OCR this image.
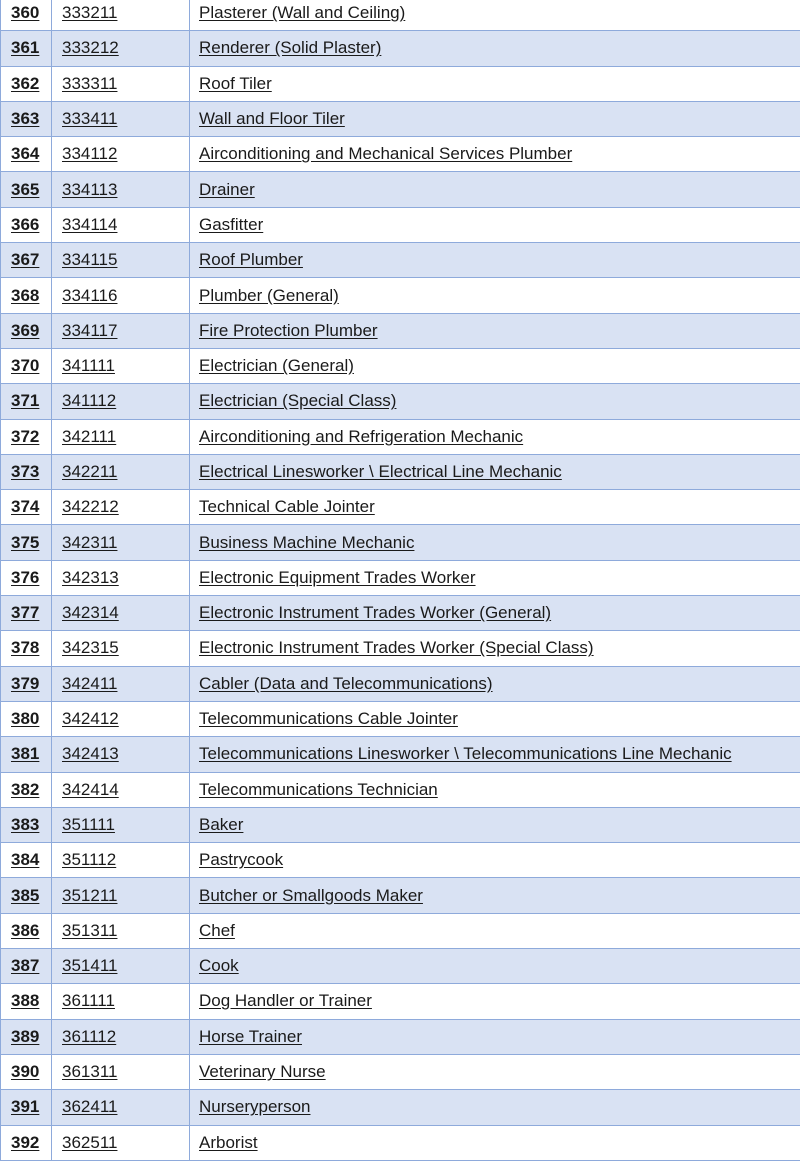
360	333211	Plasterer (Wall and Ceiling)
361	333212	Renderer (Solid Plaster)
362	333311	Roof Tiler
363	333411	Wall and Floor Tiler
364	334112	Airconditioning and Mechanical Services Plumber
365	334113	Drainer
366	334114	Gasfitter
367	334115	Roof Plumber
368	334116	Plumber (General)
369	334117	Fire Protection Plumber
370	341111	Electrician (General)
371	341112	Electrician (Special Class)
372	342111	Airconditioning and Refrigeration Mechanic
373	342211	Electrical Linesworker \ Electrical Line Mechanic
374	342212	Technical Cable Jointer
375	342311	Business Machine Mechanic
376	342313	Electronic Equipment Trades Worker
377	342314	Electronic Instrument Trades Worker (General)
378	342315	Electronic Instrument Trades Worker (Special Class)
379	342411	Cabler (Data and Telecommunications)
380	342412	Telecommunications Cable Jointer
381	342413	Telecommunications Linesworker \ Telecommunications Line Mechanic
382	342414	Telecommunications Technician
383	351111	Baker
384	351112	Pastrycook
385	351211	Butcher or Smallgoods Maker
386	351311	Chef
387	351411	Cook
388	361111	Dog Handler or Trainer
389	361112	Horse Trainer
390	361311	Veterinary Nurse
391	362411	Nurseryperson
392	362511	Arborist
